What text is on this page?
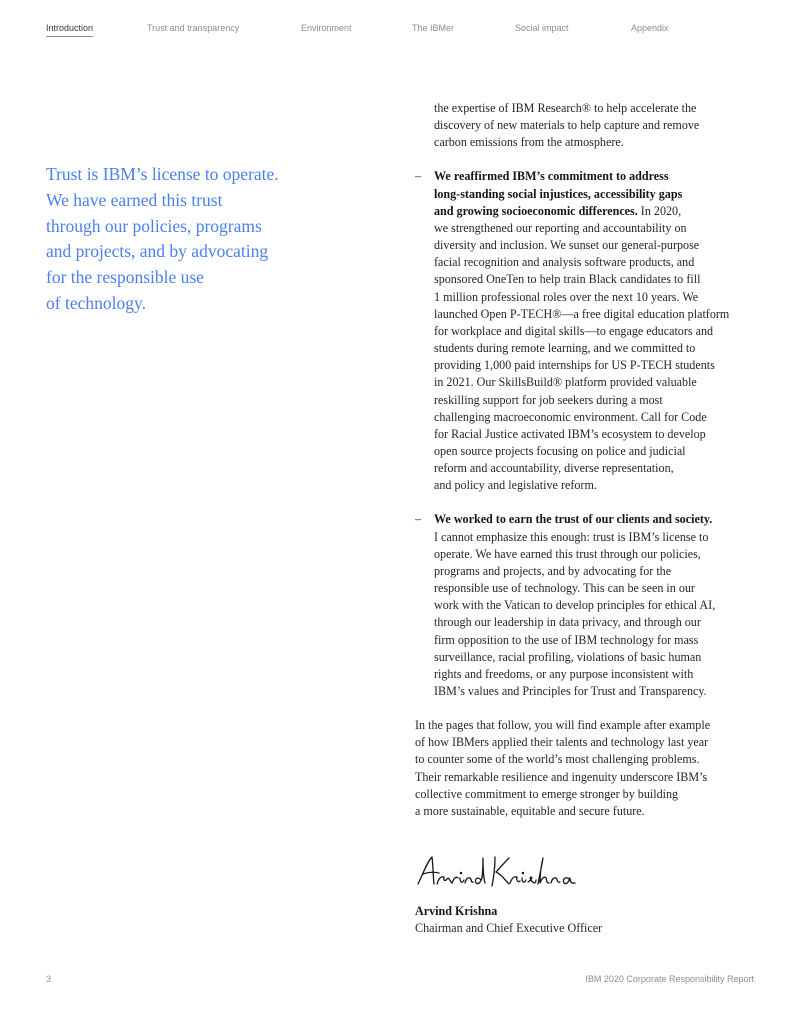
Introduction	Trust and transparency	Environment	The IBMer	Social impact	Appendix
Trust is IBM’s license to operate.
We have earned this trust
through our policies, programs
and projects, and by advocating
for the responsible use
of technology.
the expertise of IBM Research® to help accelerate the
discovery of new materials to help capture and remove
carbon emissions from the atmosphere.
– We reaffirmed IBM’s commitment to address
long-standing social injustices, accessibility gaps
and growing socioeconomic differences. In 2020,
we strengthened our reporting and accountability on
diversity and inclusion. We sunset our general-purpose
facial recognition and analysis software products, and
sponsored OneTen to help train Black candidates to fill
1 million professional roles over the next 10 years. We
launched Open P-TECH®—a free digital education platform
for workplace and digital skills—to engage educators and
students during remote learning, and we committed to
providing 1,000 paid internships for US P-TECH students
in 2021. Our SkillsBuild® platform provided valuable
reskilling support for job seekers during a most
challenging macroeconomic environment. Call for Code
for Racial Justice activated IBM’s ecosystem to develop
open source projects focusing on police and judicial
reform and accountability, diverse representation,
and policy and legislative reform.
– We worked to earn the trust of our clients and society.
I cannot emphasize this enough: trust is IBM’s license to
operate. We have earned this trust through our policies,
programs and projects, and by advocating for the
responsible use of technology. This can be seen in our
work with the Vatican to develop principles for ethical AI,
through our leadership in data privacy, and through our
firm opposition to the use of IBM technology for mass
surveillance, racial profiling, violations of basic human
rights and freedoms, or any purpose inconsistent with
IBM’s values and Principles for Trust and Transparency.
In the pages that follow, you will find example after example
of how IBMers applied their talents and technology last year
to counter some of the world’s most challenging problems.
Their remarkable resilience and ingenuity underscore IBM’s
collective commitment to emerge stronger by building
a more sustainable, equitable and secure future.
Arvind Krishna
Chairman and Chief Executive Officer
3	IBM 2020 Corporate Responsibility Report
